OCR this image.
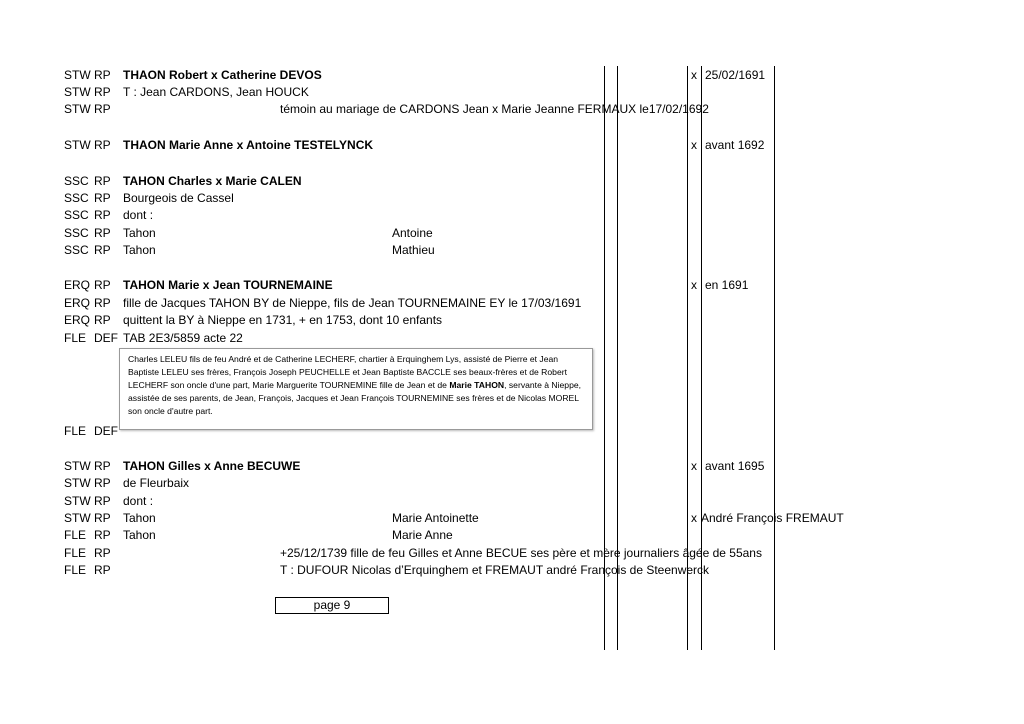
STW RP THAON Robert x Catherine DEVOS	x 25/02/1691
STW RP T : Jean CARDONS, Jean HOUCK
STW RP	témoin au mariage de CARDONS Jean x Marie Jeanne FERMAUX le17/02/1692
STW RP THAON Marie Anne x Antoine TESTELYNCK	x avant 1692
SSC RP TAHON Charles x Marie CALEN
SSC RP Bourgeois de Cassel
SSC RP dont :
SSC RP Tahon	Antoine
SSC RP Tahon	Mathieu
ERQ RP TAHON Marie x Jean TOURNEMAINE	x en 1691
ERQ RP fille de Jacques TAHON BY de Nieppe, fils de Jean TOURNEMAINE EY le 17/03/1691
ERQ RP quittent la BY à Nieppe en 1731, + en 1753, dont 10 enfants
FLE DEF TAB 2E3/5859 acte 22
Charles LELEU fils de feu André et de Catherine LECHERF, chartier à Erquinghem Lys, assisté de Pierre et Jean Baptiste LELEU ses frères, François Joseph PEUCHELLE et Jean Baptiste BACCLE ses beaux-frères et de Robert LECHERF son oncle d'une part, Marie Marguerite TOURNEMINE fille de Jean et de Marie TAHON, servante à Nieppe, assistée de ses parents, de Jean, François, Jacques et Jean François TOURNEMINE ses frères et de Nicolas MOREL son oncle d'autre part.
FLE DEF
STW RP TAHON Gilles x Anne BECUWE	x avant 1695
STW RP de Fleurbaix
STW RP dont :
STW RP Tahon	Marie Antoinette	x André François FREMAUT
FLE RP Tahon	Marie Anne
FLE RP	+25/12/1739 fille de feu Gilles et Anne BECUE ses père et mère journaliers âgée de 55ans
FLE RP	T : DUFOUR Nicolas d’Erquinghem et FREMAUT andré François de Steenwerck
page 9
